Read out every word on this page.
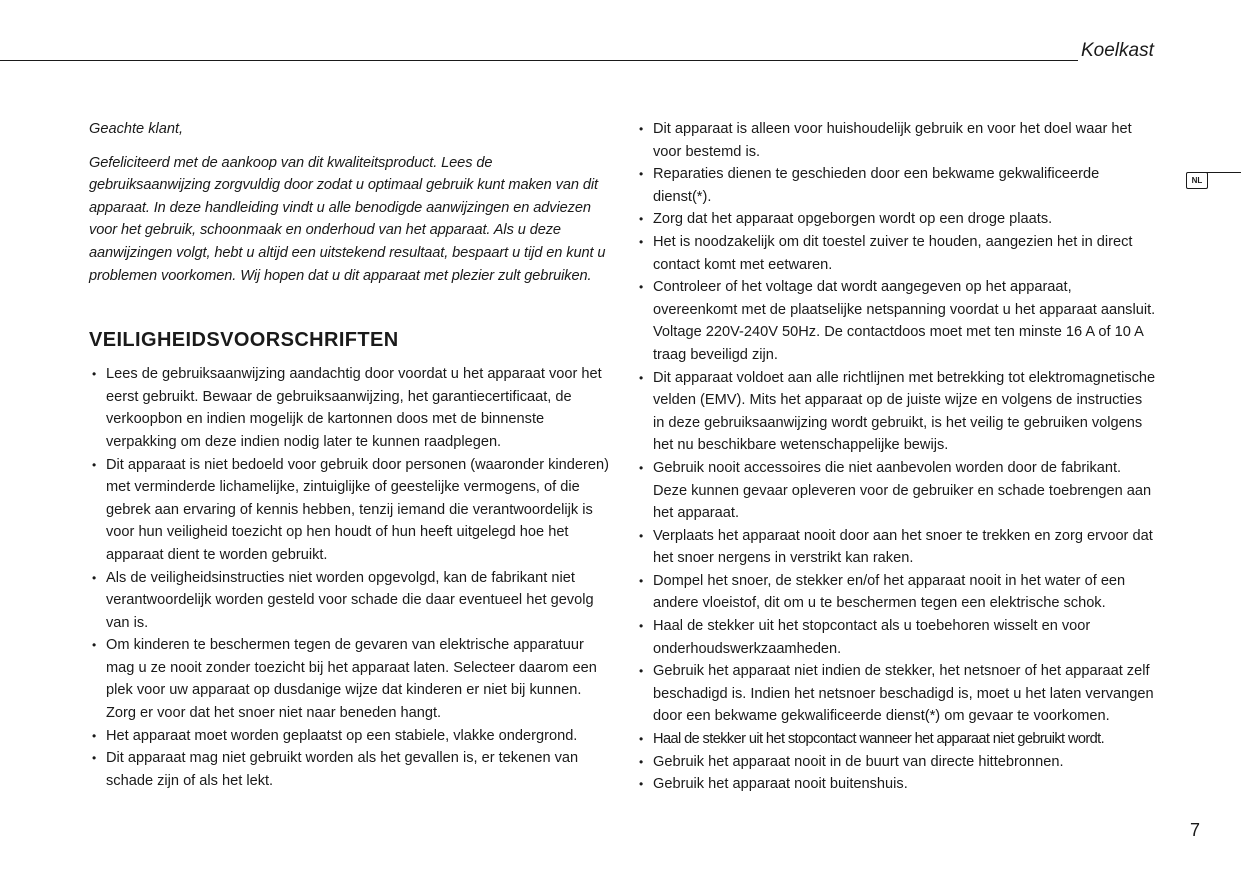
Koelkast
NL

Geachte klant,

Gefeliciteerd met de aankoop van dit kwaliteitsproduct. Lees de gebruiksaanwijzing zorgvuldig door zodat u optimaal gebruik kunt maken van dit apparaat. In deze handleiding vindt u alle benodigde aanwijzingen en adviezen voor het gebruik, schoonmaak en onderhoud van het apparaat. Als u deze aanwijzingen volgt, hebt u altijd een uitstekend resultaat, bespaart u tijd en kunt u problemen voorkomen. Wij hopen dat u dit apparaat met plezier zult gebruiken.

VEILIGHEIDSVOORSCHRIFTEN
• Lees de gebruiksaanwijzing aandachtig door voordat u het apparaat voor het eerst gebruikt. Bewaar de gebruiksaanwijzing, het garantiecertificaat, de verkoopbon en indien mogelijk de kartonnen doos met de binnenste verpakking om deze indien nodig later te kunnen raadplegen.
• Dit apparaat is niet bedoeld voor gebruik door personen (waaronder kinderen) met verminderde lichamelijke, zintuiglijke of geestelijke vermogens, of die gebrek aan ervaring of kennis hebben, tenzij iemand die verantwoordelijk is voor hun veiligheid toezicht op hen houdt of hun heeft uitgelegd hoe het apparaat dient te worden gebruikt.
• Als de veiligheidsinstructies niet worden opgevolgd, kan de fabrikant niet verantwoordelijk worden gesteld voor schade die daar eventueel het gevolg van is.
• Om kinderen te beschermen tegen de gevaren van elektrische apparatuur mag u ze nooit zonder toezicht bij het apparaat laten. Selecteer daarom een plek voor uw apparaat op dusdanige wijze dat kinderen er niet bij kunnen. Zorg er voor dat het snoer niet naar beneden hangt.
• Het apparaat moet worden geplaatst op een stabiele, vlakke ondergrond.
• Dit apparaat mag niet gebruikt worden als het gevallen is, er tekenen van schade zijn of als het lekt.
• Dit apparaat is alleen voor huishoudelijk gebruik en voor het doel waar het voor bestemd is.
• Reparaties dienen te geschieden door een bekwame gekwalificeerde dienst(*).
• Zorg dat het apparaat opgeborgen wordt op een droge plaats.
• Het is noodzakelijk om dit toestel zuiver te houden, aangezien het in direct contact komt met eetwaren.
• Controleer of het voltage dat wordt aangegeven op het apparaat, overeenkomt met de plaatselijke netspanning voordat u het apparaat aansluit. Voltage 220V-240V 50Hz. De contactdoos moet met ten minste 16 A of 10 A traag beveiligd zijn.
• Dit apparaat voldoet aan alle richtlijnen met betrekking tot elektromagnetische velden (EMV). Mits het apparaat op de juiste wijze en volgens de instructies in deze gebruiksaanwijzing wordt gebruikt, is het veilig te gebruiken volgens het nu beschikbare wetenschappelijke bewijs.
• Gebruik nooit accessoires die niet aanbevolen worden door de fabrikant. Deze kunnen gevaar opleveren voor de gebruiker en schade toebrengen aan het apparaat.
• Verplaats het apparaat nooit door aan het snoer te trekken en zorg ervoor dat het snoer nergens in verstrikt kan raken.
• Dompel het snoer, de stekker en/of het apparaat nooit in het water of een andere vloeistof, dit om u te beschermen tegen een elektrische schok.
• Haal de stekker uit het stopcontact als u toebehoren wisselt en voor onderhoudswerkzaamheden.
• Gebruik het apparaat niet indien de stekker, het netsnoer of het apparaat zelf beschadigd is. Indien het netsnoer beschadigd is, moet u het laten vervangen door een bekwame gekwalificeerde dienst(*) om gevaar te voorkomen.
• Haal de stekker uit het stopcontact wanneer het apparaat niet gebruikt wordt.
• Gebruik het apparaat nooit in de buurt van directe hittebronnen.
• Gebruik het apparaat nooit buitenshuis.
7
